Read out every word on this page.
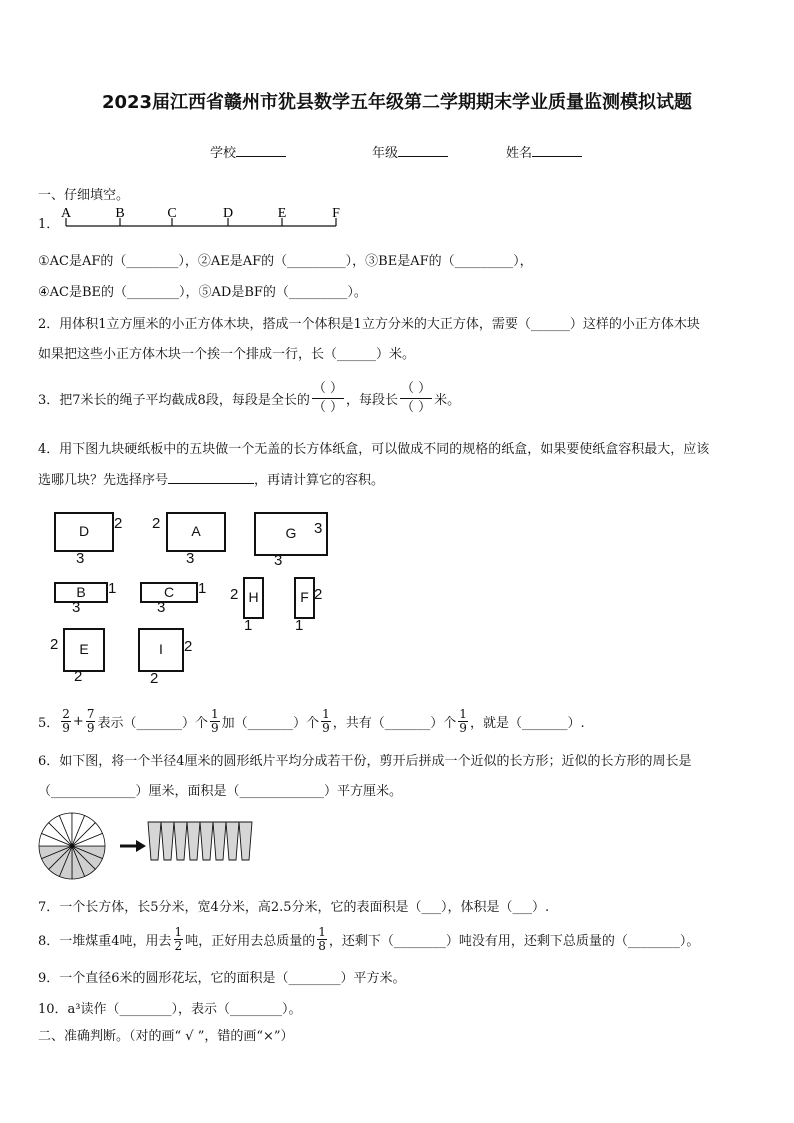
2023届江西省赣州市犹县数学五年级第二学期期末学业质量监测模拟试题
学校	年级	姓名
一、仔细填空。
1．
A	B	C	D	E	F
①AC是AF的（________），②AE是AF的（_________），③BE是AF的（_________），
④AC是BE的（________），⑤AD是BF的（_________）。
2．用体积1立方厘米的小正方体木块，搭成一个体积是1立方分米的大正方体，需要（______）这样的小正方体木块
如果把这些小正方体木块一个挨一个排成一行，长（______）米。
3．把7米长的绳子平均截成8段，每段是全长的 $\frac{( )}{( )}$ ，每段长 $\frac{( )}{( )}$ 米。
4．用下图九块硬纸板中的五块做一个无盖的长方体纸盒，可以做成不同的规格的纸盒，如果要使纸盒容积最大，应该
选哪几块？先选择序号	，再请计算它的容积。
D	2
3
A
2
3
G	3
3
B	1
3
C	1
3
H
2
1
F 2
1
E
2
2
I	2
2
5． $\frac{2}{9} + \frac{7}{9}$ 表示（_______）个 $\frac{1}{9}$ 加（_______）个 $\frac{1}{9}$ ，共有（_______）个 $\frac{1}{9}$ ，就是（_______）.
6．如下图，将一个半径4厘米的圆形纸片平均分成若干份，剪开后拼成一个近似的长方形；近似的长方形的周长是
（_____________）厘米，面积是（_____________）平方厘米。
7．一个长方体，长5分米，宽4分米，高2.5分米，它的表面积是（___），体积是（___）.
8．一堆煤重4吨，用去 $\frac{1}{2}$ 吨，正好用去总质量的 $\frac{1}{8}$ ，还剩下（________）吨没有用，还剩下总质量的（________）。
9．一个直径6米的圆形花坛，它的面积是（________）平方米。
10．a³读作（________），表示（________）。
二、准确判断。（对的画“ √ ”，错的画“×”）
